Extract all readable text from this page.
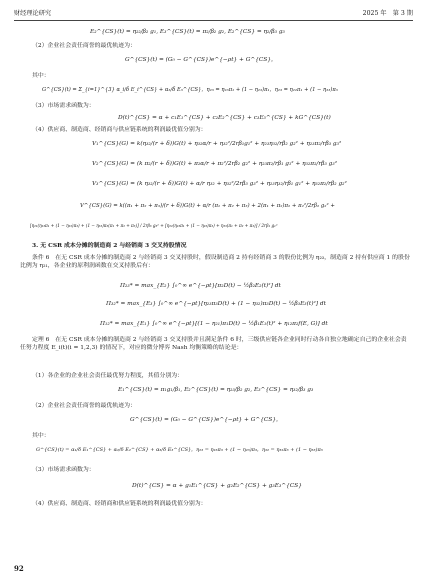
财经理论研究	2025 年　第 3 期
E₂^{CS}(t) = η₂₂/β₂ g₁, E₃^{CS}(t) = π₂/β₂ g₂, E₂^{CS} = η₂/β₃ g₃
（2）企业社会责任商誉的最优轨迹为：
G^{CS}(t) = (G₀ − G^{CS})e^{−ρt} + G^{CS}，
其中：
G^{CS}(t) = Σ_{i=1}^{3} α_i/δ E_i^{CS} + α₃/δ E₃^{CS}，η₂₃ = η₂₃π₁ + (1 − η₂₃)π₁，η₂₃ = η₂₂π₁ + (1 − η₃₃)π₃
（3）市场需求函数为：
D(t)^{CS} = α + c₁E₁^{CS} + c₂E₂^{CS} + c₃E₃^{CS} + kG^{CS}(t)
（4）供应商、制造商、经销商与供应链系统的利润最优值分别为：
V₁^{CS}(G) = k(η₃₂/(r + δ))G(t) + η₃₂α/r + η₃₂²/2rβ₁g₁² + η₂₃η₃₂/rβ₂ g₂² + η₂₃π₂/rβ₃ g₃²
V₂^{CS}(G) = (k π₂/(r + δ))G(t) + π₂α/r + π₂²/2rβ₂ g₂² + η₂₃π₂/rβ₁ g₁² + η₃₂π₂/rβ₃ g₃²
V₃^{CS}(G) = (k η₃₂/(r + δ))G(t) + α/r η₃₂ + η₃₂²/2rβ₃ g₃² + η₂₃η₃₂/rβ₁ g₁² + η₃₂π₂/rβ₂ g₂²
V^{CS}(G) = k((π₁ + π₂ + π₃)/(r + δ))G(t) + α/r (π₁ + π₂ + π₃) + 2(π₁ + π₂)π₂ + π₂²/2rβ₂ g₂² +
[η₂₁(η₂₃π₁ + (1 − η₂₃)π₃) + (1 − η₃₃)π₃(π₁ + π₂ + π₃)] / 2rβ₃ g₃² + [η₂₂(η₂₃π₁ + (1 − η₂₃)π₃) + η₃₃(π₁ + π₂ + π₃)] / 2rβ₁ g₁²
3. 无 CSR 成本分摊的制造商 2 与经销商 3 交叉持股情况
条件 6　在无 CSR 成本分摊的制造商 2 与经销商 3 交叉持股时，假设制造商 2 持有经销商 3 的股份比例为 η₂₃，制造商 2 持有供应商 1 的股份比例为 η₂₁，各企业的原利润函数在交叉持股后有：
Π₂₃* = max_{E₂} ∫₀^∞ e^{−ρt}[π₂D(t) − ½β₂E₂(t)²] dt
Π₃₂* = max_{E₃} ∫₀^∞ e^{−ρt}[η₂₃π₃D(t) + (1 − η₃₂)π₃D(t) − ½β₃E₃(t)²] dt
Π₁₂* = max_{E₁} ∫₀^∞ e^{−ρt}[(1 − η₂₁)π₁D(t) − ½β₁E₁(t)² + η₁₂π₂f(E, G)] dt
定理 6　在无 CSR 成本分摊的制造商 2 与经销商 3 交叉持股并且满足条件 6 时，三级供应链各企业同时行动各自独立地确定自己的企业社会责任努力程度 E_i(t)(i = 1,2,3) 的情况下，对应的微分博弈 Nash 均衡策略的结论是：
（1）各企业的企业社会责任最优努力程度，其值分别为：
E₁^{CS}(t) = π₁g₁/β₁, E₂^{CS}(t) = η₂₃/β₂ g₂, E₃^{CS} = η₃₂/β₃ g₃
（2）企业社会责任商誉的最优轨迹为：
G^{CS}(t) = (G₀ − G^{CS})e^{−ρt} + G^{CS}，
其中：
G^{CS}(t) = α₁/δ E₁^{CS} + α₂/δ E₂^{CS} + α₃/δ E₃^{CS}，η₂₃ = η₂₃π₃ + (1 − η₂₃)π₃，η₃₂ = η₃₂π₃ + (1 − η₃₃)π₃
（3）市场需求函数为：
D(t)^{CS} = α + g₁E₁^{CS} + g₂E₂^{CS} + g₃E₃^{CS}
（4）供应商、制造商、经销商和供应链系统的利润最优值分别为：
92
